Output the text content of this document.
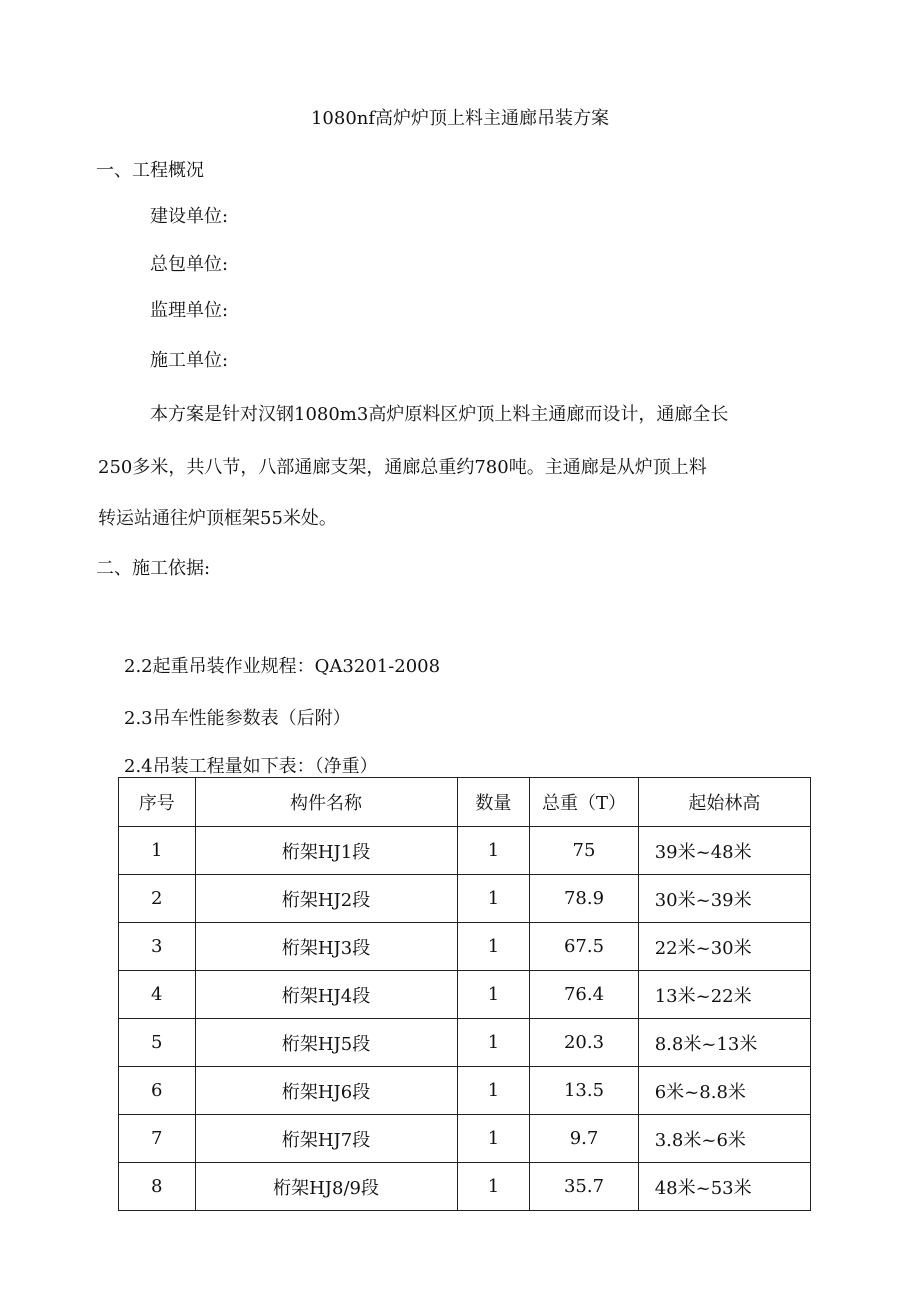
1080nf高炉炉顶上料主通廊吊装方案
一、工程概况
建设单位:
总包单位:
监理单位:
施工单位:
本方案是针对汉钢1080m3高炉原料区炉顶上料主通廊而设计，通廊全长
250多米，共八节，八部通廊支架，通廊总重约780吨。主通廊是从炉顶上料
转运站通往炉顶框架55米处。
二、施工依据:
2.2起重吊装作业规程：QA3201-2008
2.3吊车性能参数表（后附）
2.4吊装工程量如下表：（净重）
序号	构件名称	数量	总重（T）	起始林高
1	桁架HJ1段	1	75	39米~48米
2	桁架HJ2段	1	78.9	30米~39米
3	桁架HJ3段	1	67.5	22米~30米
4	桁架HJ4段	1	76.4	13米~22米
5	桁架HJ5段	1	20.3	8.8米~13米
6	桁架HJ6段	1	13.5	6米~8.8米
7	桁架HJ7段	1	9.7	3.8米~6米
8	桁架HJ8/9段	1	35.7	48米~53米
